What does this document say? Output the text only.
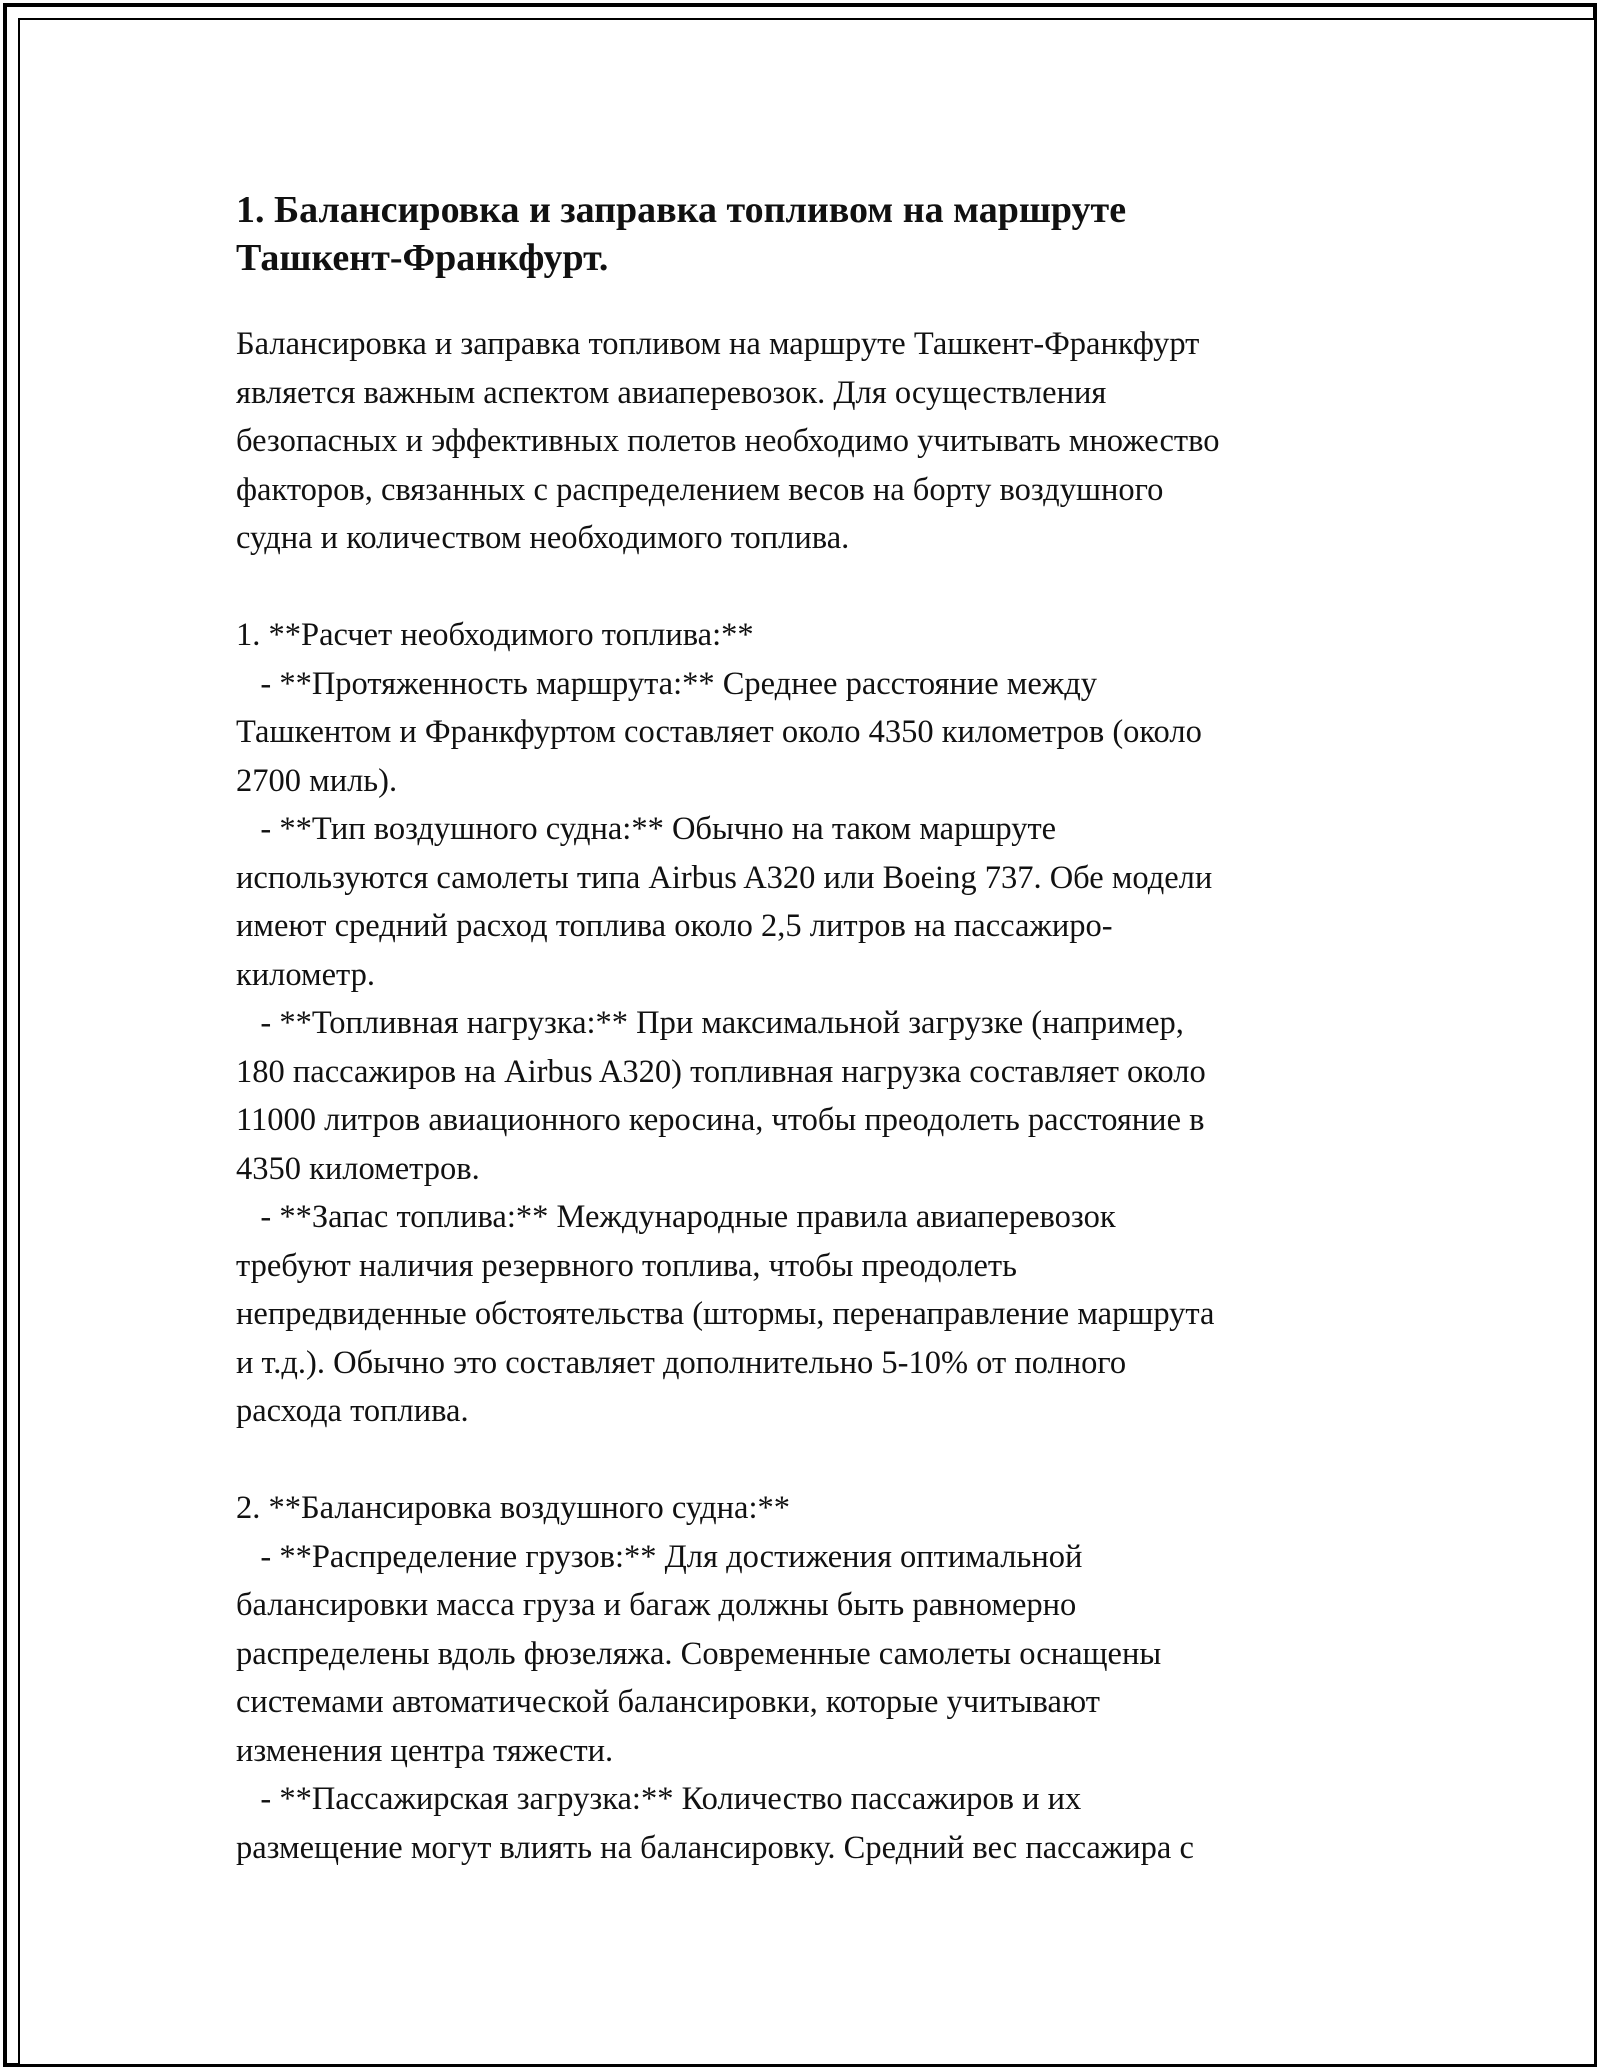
1. Балансировка и заправка топливом на маршруте
Ташкент-Франкфурт.
Балансировка и заправка топливом на маршруте Ташкент-Франкфурт
является важным аспектом авиаперевозок. Для осуществления
безопасных и эффективных полетов необходимо учитывать множество
факторов, связанных с распределением весов на борту воздушного
судна и количеством необходимого топлива.

1. **Расчет необходимого топлива:**
- **Протяженность маршрута:** Среднее расстояние между
Ташкентом и Франкфуртом составляет около 4350 километров (около
2700 миль).
- **Тип воздушного судна:** Обычно на таком маршруте
используются самолеты типа Airbus A320 или Boeing 737. Обе модели
имеют средний расход топлива около 2,5 литров на пассажиро-
километр.
- **Топливная нагрузка:** При максимальной загрузке (например,
180 пассажиров на Airbus A320) топливная нагрузка составляет около
11000 литров авиационного керосина, чтобы преодолеть расстояние в
4350 километров.
- **Запас топлива:** Международные правила авиаперевозок
требуют наличия резервного топлива, чтобы преодолеть
непредвиденные обстоятельства (штормы, перенаправление маршрута
и т.д.). Обычно это составляет дополнительно 5-10% от полного
расхода топлива.

2. **Балансировка воздушного судна:**
- **Распределение грузов:** Для достижения оптимальной
балансировки масса груза и багаж должны быть равномерно
распределены вдоль фюзеляжа. Современные самолеты оснащены
системами автоматической балансировки, которые учитывают
изменения центра тяжести.
- **Пассажирская загрузка:** Количество пассажиров и их
размещение могут влиять на балансировку. Средний вес пассажира с
